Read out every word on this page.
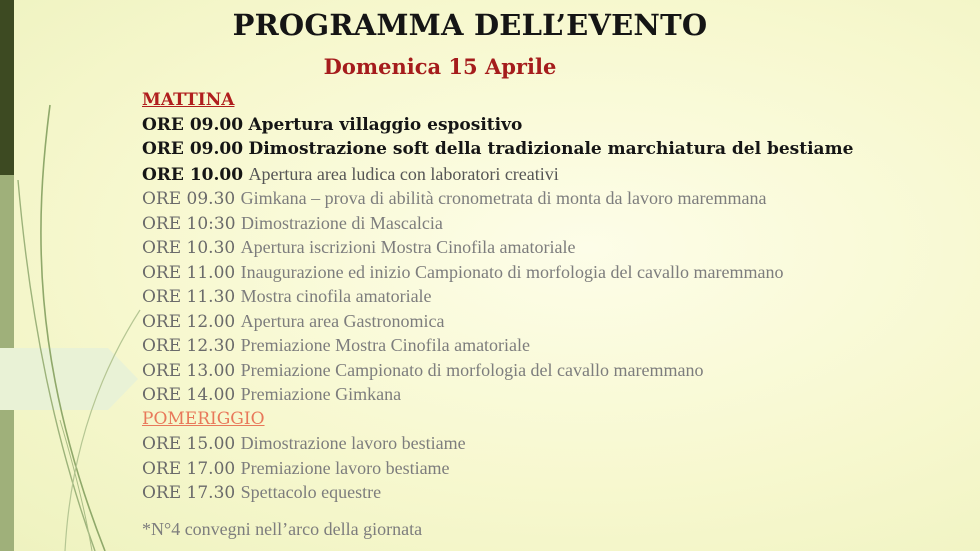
PROGRAMMA DELL’EVENTO
Domenica 15 Aprile
MATTINA
ORE 09.00 Apertura villaggio espositivo
ORE 09.00 Dimostrazione soft della tradizionale marchiatura del bestiame
ORE 10.00 Apertura area ludica con laboratori creativi
ORE 09.30 Gimkana – prova di abilità cronometrata di monta da lavoro maremmana
ORE 10:30 Dimostrazione di Mascalcia
ORE 10.30 Apertura iscrizioni Mostra Cinofila amatoriale
ORE 11.00 Inaugurazione ed inizio Campionato di morfologia del cavallo maremmano
ORE 11.30 Mostra cinofila amatoriale
ORE 12.00 Apertura area Gastronomica
ORE 12.30 Premiazione Mostra Cinofila amatoriale
ORE 13.00 Premiazione Campionato di morfologia del cavallo maremmano
ORE 14.00 Premiazione Gimkana
POMERIGGIO
ORE 15.00 Dimostrazione lavoro bestiame
ORE 17.00 Premiazione lavoro bestiame
ORE 17.30 Spettacolo equestre
*N°4 convegni nell’arco della giornata
